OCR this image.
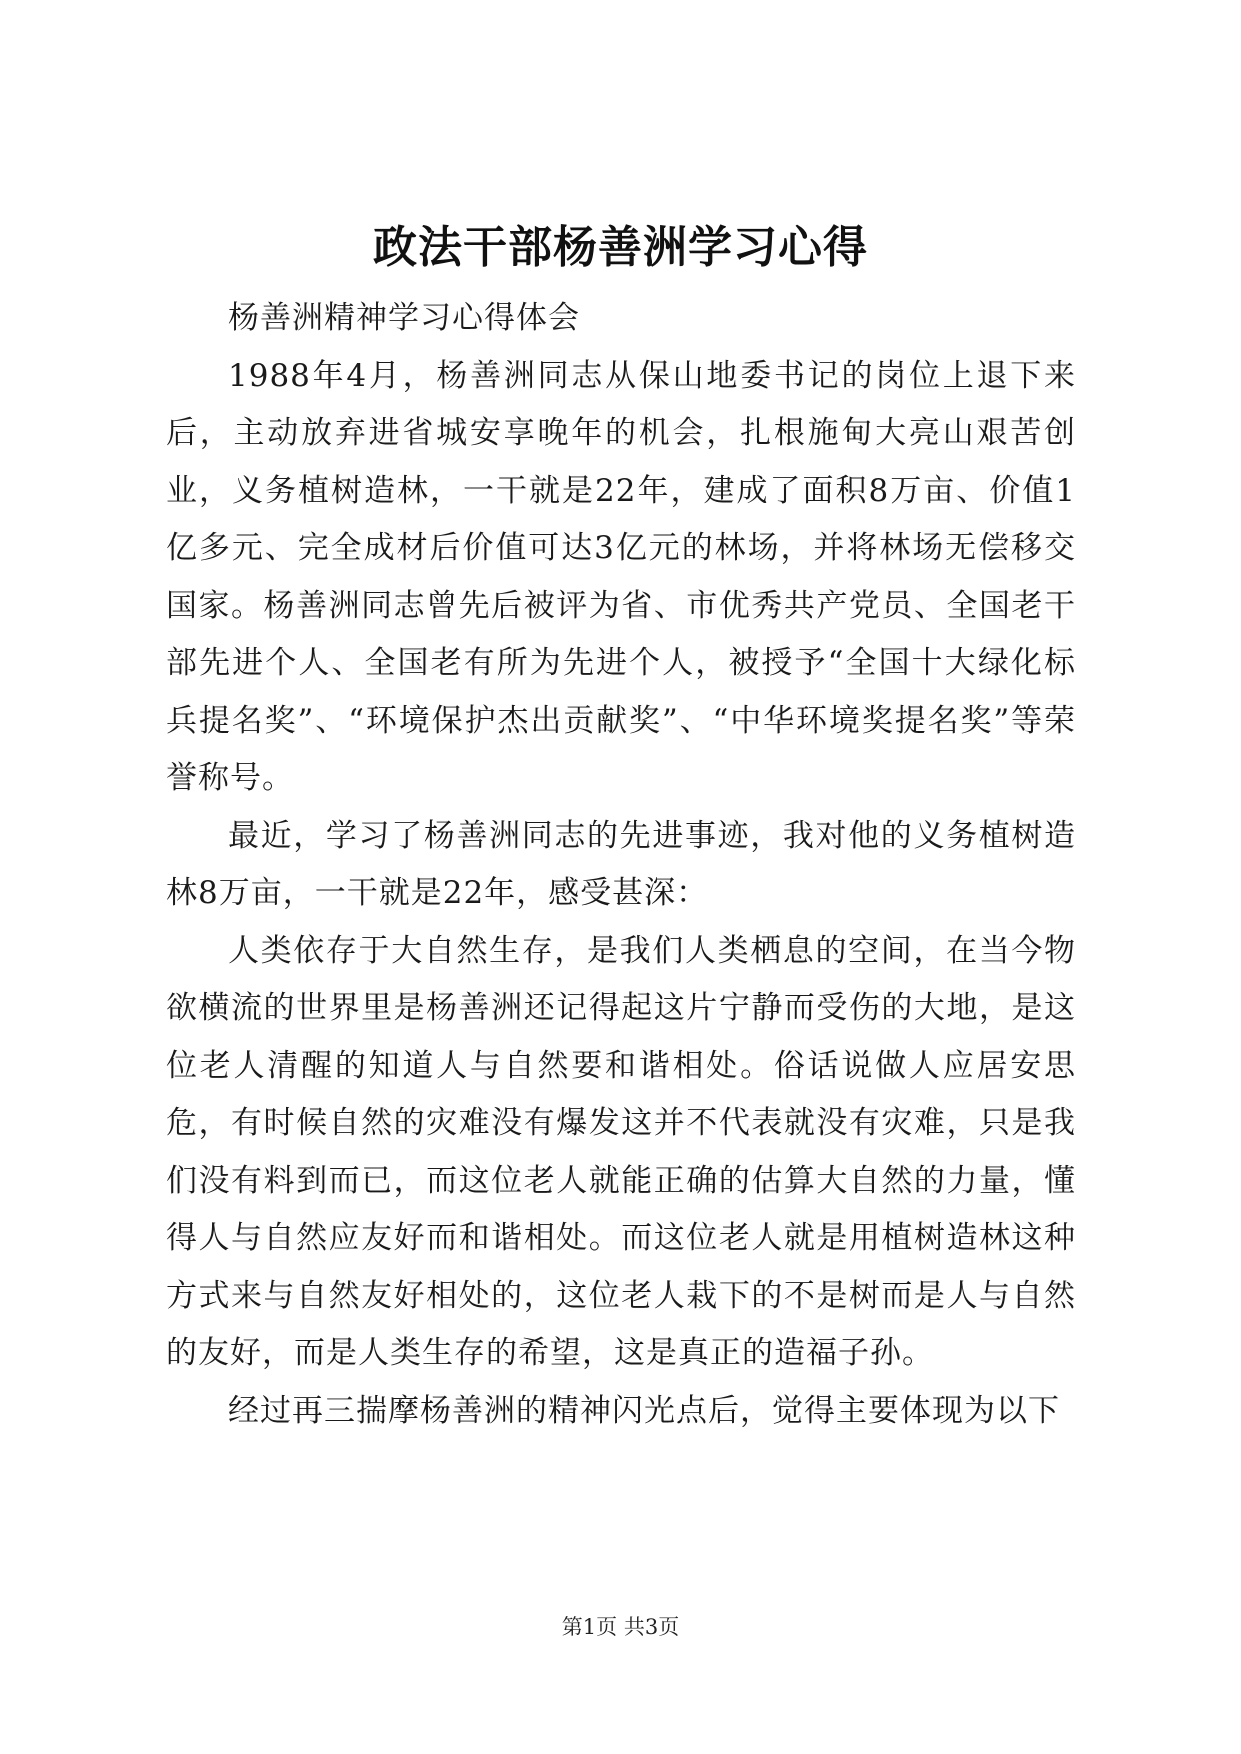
政法干部杨善洲学习心得

杨善洲精神学习心得体会

1988年4月，杨善洲同志从保山地委书记的岗位上退下来后，主动放弃进省城安享晚年的机会，扎根施甸大亮山艰苦创业，义务植树造林，一干就是22年，建成了面积8万亩、价值1亿多元、完全成材后价值可达3亿元的林场，并将林场无偿移交国家。杨善洲同志曾先后被评为省、市优秀共产党员、全国老干部先进个人、全国老有所为先进个人，被授予“全国十大绿化标兵提名奖”、“环境保护杰出贡献奖”、“中华环境奖提名奖”等荣誉称号。

最近，学习了杨善洲同志的先进事迹，我对他的义务植树造林8万亩，一干就是22年，感受甚深：

人类依存于大自然生存，是我们人类栖息的空间，在当今物欲横流的世界里是杨善洲还记得起这片宁静而受伤的大地，是这位老人清醒的知道人与自然要和谐相处。俗话说做人应居安思危，有时候自然的灾难没有爆发这并不代表就没有灾难，只是我们没有料到而已，而这位老人就能正确的估算大自然的力量，懂得人与自然应友好而和谐相处。而这位老人就是用植树造林这种方式来与自然友好相处的，这位老人栽下的不是树而是人与自然的友好，而是人类生存的希望，这是真正的造福子孙。

经过再三揣摩杨善洲的精神闪光点后，觉得主要体现为以下

第1页 共3页
